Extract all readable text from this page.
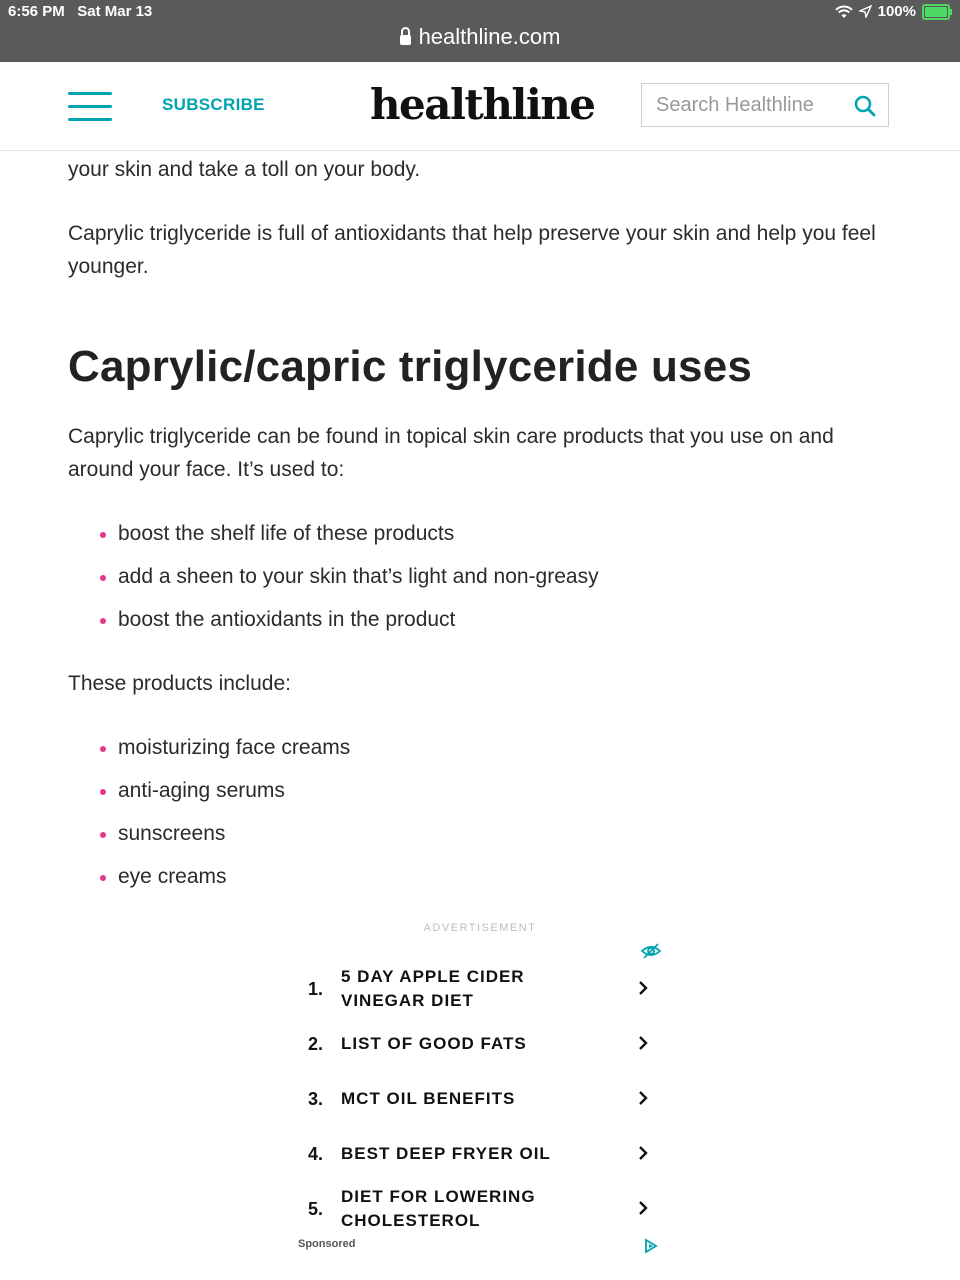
6:56 PM Sat Mar 13	100%
healthline.com
SUBSCRIBE	healthline
Search Healthline

your skin and take a toll on your body.

Caprylic triglyceride is full of antioxidants that help preserve your skin and help you feel younger.

Caprylic/capric triglyceride uses

Caprylic triglyceride can be found in topical skin care products that you use on and around your face. It’s used to:

boost the shelf life of these products
add a sheen to your skin that’s light and non-greasy
boost the antioxidants in the product

These products include:

moisturizing face creams
anti-aging serums
sunscreens
eye creams
ADVERTISEMENT
1.
5 DAY APPLE CIDER VINEGAR DIET
2.	LIST OF GOOD FATS
3.	MCT OIL BENEFITS
4.	BEST DEEP FRYER OIL
5.
DIET FOR LOWERING CHOLESTEROL
Sponsored
